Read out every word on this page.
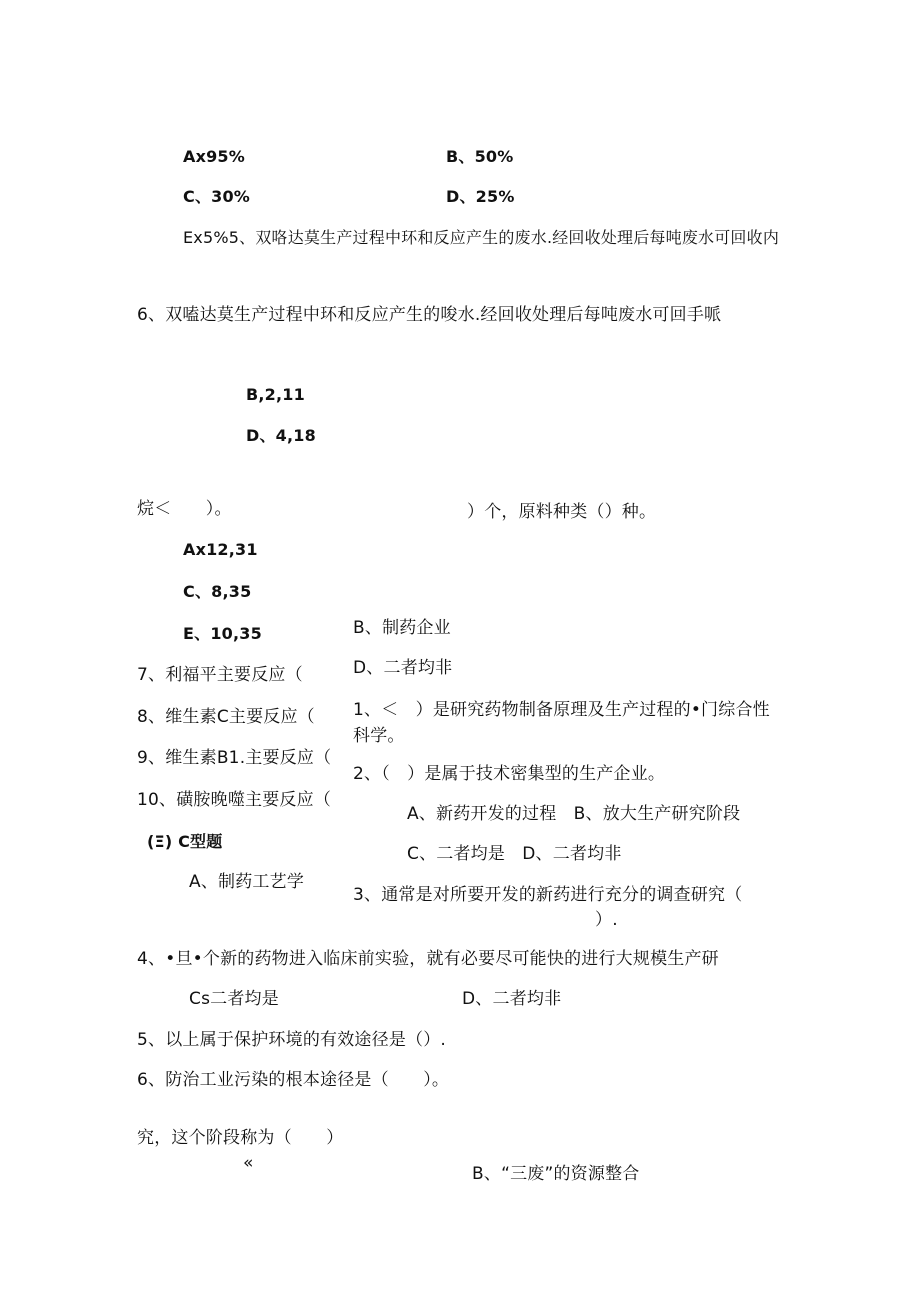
Ax95%	B、50%
C、30%	D、25%
Ex5%5、双咯达莫生产过程中环和反应产生的废水.经回收处理后每吨废水可回收内
6、双嗑达莫生产过程中环和反应产生的唆水.经回收处理后每吨废水可回手哌
B,2,11
D、4,18
烷＜　　）。	）个，原料种类（）种。
Ax12,31
C、8,35
E、10,35	B、制药企业
D、二者均非
7、利福平主要反应（
1、＜　）是研究药物制备原理及生产过程的•门综合性科学。
8、维生素C主要反应（
9、维生素B1.主要反应（
2、（　）是属于技术密集型的生产企业。
10、磺胺晚噬主要反应（
A、新药开发的过程　B、放大生产研究阶段
(Ξ) C型题
C、二者均是　D、二者均非
A、制药工艺学
3、通常是对所要开发的新药进行充分的调查研究（
）.
4、•旦•个新的药物进入临床前实验，就有必要尽可能快的进行大规模生产研
Cs二者均是	D、二者均非
5、以上属于保护环境的有效途径是（）.
6、防治工业污染的根本途径是（　　）。
究，这个阶段称为（　　）
«
B、“三废”的资源整合
